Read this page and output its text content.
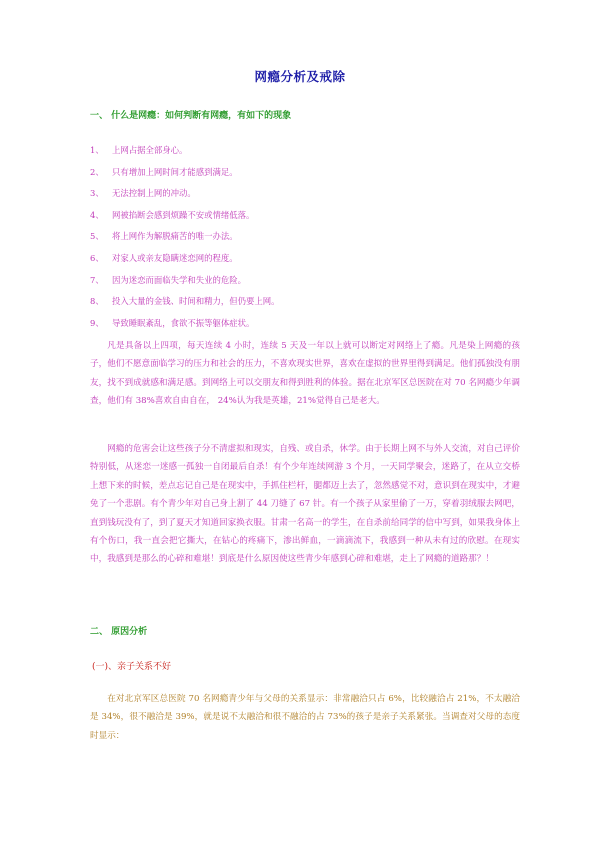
网瘾分析及戒除
一、 什么是网瘾：如何判断有网瘾，有如下的现象
1、 上网占据全部身心。
2、 只有增加上网时间才能感到满足。
3、 无法控制上网的冲动。
4、 网被掐断会感到烦躁不安或情绪低落。
5、 将上网作为解脱痛苦的唯一办法。
6、 对家人或亲友隐瞒迷恋网的程度。
7、 因为迷恋而面临失学和失业的危险。
8、 投入大量的金钱、时间和精力，但仍要上网。
9、 导致睡眠紊乱，食欲不振等躯体症状。

凡是具备以上四项，每天连续 4 小时，连续 5 天及一年以上就可以断定对网络上了瘾。凡是染上网瘾的孩子，他们不愿意面临学习的压力和社会的压力，不喜欢现实世界，喜欢在虚拟的世界里得到满足。他们孤独没有朋友，找不到成就感和满足感。到网络上可以交朋友和得到胜利的体验。据在北京军区总医院在对 70 名网瘾少年调查，他们有 38%喜欢自由自在， 24%认为我是英雄，21%觉得自己是老大。

网瘾的危害会让这些孩子分不清虚拟和现实，自残、或自杀，休学。由于长期上网不与外人交流，对自己评价特别低，从迷恋一迷感一孤独一自闭最后自杀！有个少年连续网游 3 个月，一天同学聚会，迷路了，在从立交桥上想下来的时候，差点忘记自己是在现实中，手抓住栏杆，腿都迈上去了，忽然感觉不对，意识到在现实中，才避免了一个悲剧。有个青少年对自己身上割了 44 刀缝了 67 针。有一个孩子从家里偷了一万，穿着羽绒服去网吧，直到钱玩没有了，到了夏天才知道回家换衣服。甘肃一名高一的学生，在自杀前给同学的信中写到，如果我身体上有个伤口，我一直会把它撕大，在钻心的疼痛下，渗出鲜血，一滴滴流下，我感到一种从未有过的欣慰。在现实中，我感到是那么的心碎和难堪！到底是什么原因使这些青少年感到心碎和难堪，走上了网瘾的道路那？！

二、 原因分析
(一)、亲子关系不好

在对北京军区总医院 70 名网瘾青少年与父母的关系显示：非常融洽只占 6%，比较融洽占 21%，不太融洽是 34%，很不融洽是 39%，就是说不太融洽和很不融洽的占 73%的孩子是亲子关系紧张。当调查对父母的态度时显示：
